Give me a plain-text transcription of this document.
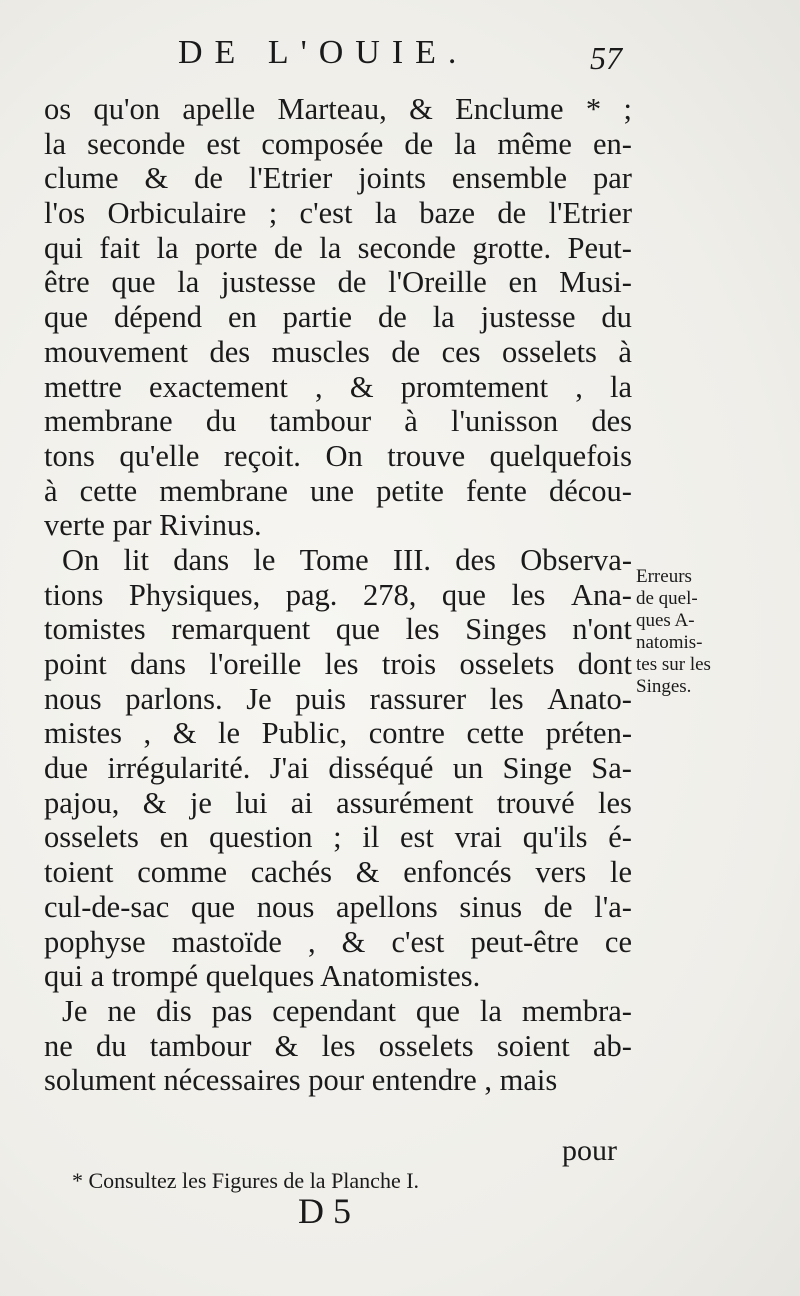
DE L'OUIE.	57
os qu'on apelle Marteau, & Enclume * ;
la seconde est composée de la même en-
clume & de l'Etrier joints ensemble par
l'os Orbiculaire ; c'est la baze de l'Etrier
qui fait la porte de la seconde grotte. Peut-
être que la justesse de l'Oreille en Musi-
que dépend en partie de la justesse du
mouvement des muscles de ces osselets à
mettre exactement , & promtement , la
membrane du tambour à l'unisson des
tons qu'elle reçoit. On trouve quelquefois
à cette membrane une petite fente décou-
verte par Rivinus.
On lit dans le Tome III. des Observa-
tions Physiques, pag. 278, que les Ana-
tomistes remarquent que les Singes n'ont
point dans l'oreille les trois osselets dont
nous parlons. Je puis rassurer les Anato-
mistes , & le Public, contre cette préten-
due irrégularité. J'ai disséqué un Singe Sa-
pajou, & je lui ai assurément trouvé les
osselets en question ; il est vrai qu'ils é-
toient comme cachés & enfoncés vers le
cul-de-sac que nous apellons sinus de l'a-
pophyse mastoïde , & c'est peut-être ce
qui a trompé quelques Anatomistes.
Je ne dis pas cependant que la membra-
ne du tambour & les osselets soient ab-
solument nécessaires pour entendre , mais
Erreurs
de quel-
ques A-
natomis-
tes sur les
Singes.
pour
* Consultez les Figures de la Planche I.
D 5
